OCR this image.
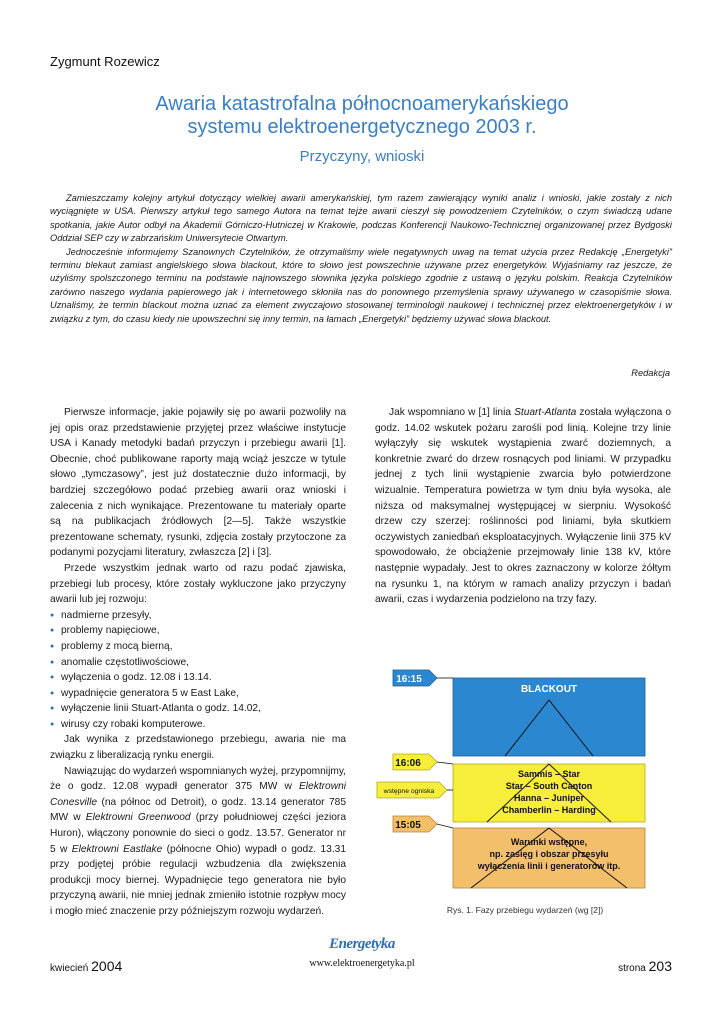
Zygmunt Rozewicz
Awaria katastrofalna północnoamerykańskiego
systemu elektroenergetycznego 2003 r.
Przyczyny, wnioski

Zamieszczamy kolejny artykuł dotyczący wielkiej awarii amerykańskiej, tym razem zawierający wyniki analiz i wnioski, jakie zostały z nich wyciągnięte w USA. Pierwszy artykuł tego samego Autora na temat tejże awarii cieszył się powodzeniem Czytelników, o czym świadczą udane spotkania, jakie Autor odbył na Akademii Górniczo-Hutniczej w Krakowie, podczas Konferencji Naukowo-Technicznej organizowanej przez Bydgoski Oddział SEP czy w zabrzańskim Uniwersytecie Otwartym.

Jednocześnie informujemy Szanownych Czytelników, że otrzymaliśmy wiele negatywnych uwag na temat użycia przez Redakcję „Energetyki” terminu blekaut zamiast angielskiego słowa blackout, które to słowo jest powszechnie używane przez energetyków. Wyjaśniamy raz jeszcze, że użyliśmy spolszczonego terminu na podstawie najnowszego słownika języka polskiego zgodnie z ustawą o języku polskim. Reakcja Czytelników zarówno naszego wydania papierowego jak i internetowego skłoniła nas do ponownego przemyślenia sprawy używanego w czasopiśmie słowa. Uznaliśmy, że termin blackout można uznać za element zwyczajowo stosowanej terminologii naukowej i technicznej przez elektroenergetyków i w związku z tym, do czasu kiedy nie upowszechni się inny termin, na łamach „Energetyki” będziemy używać słowa blackout.

Redakcja

Pierwsze informacje, jakie pojawiły się po awarii pozwoliły na jej opis oraz przedstawienie przyjętej przez właściwe instytucje USA i Kanady metodyki badań przyczyn i przebiegu awarii [1]. Obecnie, choć publikowane raporty mają wciąż jeszcze w tytule słowo „tymczasowy”, jest już dostatecznie dużo informacji, by bardziej szczegółowo podać przebieg awarii oraz wnioski i zalecenia z nich wynikające. Prezentowane tu materiały oparte są na publikacjach źródłowych [2—5]. Także wszystkie prezentowane schematy, rysunki, zdjęcia zostały przytoczone za podanymi pozycjami literatury, zwłaszcza [2] i [3].

Przede wszystkim jednak warto od razu podać zjawiska, przebiegi lub procesy, które zostały wykluczone jako przyczyny awarii lub jej rozwoju:

● nadmierne przesyły,
● problemy napięciowe,
● problemy z mocą bierną,
● anomalie częstotliwościowe,
● wyłączenia o godz. 12.08 i 13.14.
● wypadnięcie generatora 5 w East Lake,
● wyłączenie linii Stuart-Atlanta o godz. 14.02,
● wirusy czy robaki komputerowe.

Jak wynika z przedstawionego przebiegu, awaria nie ma związku z liberalizacją rynku energii.

Nawiązując do wydarzeń wspomnianych wyżej, przypomnijmy, że o godz. 12.08 wypadł generator 375 MW w Elektrowni Conesville (na północ od Detroit), o godz. 13.14 generator 785 MW w Elektrowni Greenwood (przy południowej części jeziora Huron), włączony ponownie do sieci o godz. 13.57. Generator nr 5 w Elektrowni Eastlake (północne Ohio) wypadł o godz. 13.31 przy podjętej próbie regulacji wzbudzenia dla zwiększenia produkcji mocy biernej. Wypadnięcie tego generatora nie było przyczyną awarii, nie mniej jednak zmieniło istotnie rozpływ mocy i mogło mieć znaczenie przy późniejszym rozwoju wydarzeń.

Jak wspomniano w [1] linia Stuart-Atlanta została wyłączona o godz. 14.02 wskutek pożaru zarośli pod linią. Kolejne trzy linie wyłączyły się wskutek wystąpienia zwarć doziemnych, a konkretnie zwarć do drzew rosnących pod liniami. W przypadku jednej z tych linii wystąpienie zwarcia było potwierdzone wizualnie. Temperatura powietrza w tym dniu była wysoka, ale niższa od maksymalnej występującej w sierpniu. Wysokość drzew czy szerzej: roślinności pod liniami, była skutkiem oczywistych zaniedbań eksploatacyjnych. Wyłączenie linii 375 kV spowodowało, że obciążenie przejmowały linie 138 kV, które następnie wypadały. Jest to okres zaznaczony w kolorze żółtym na rysunku 1, na którym w ramach analizy przyczyn i badań awarii, czas i wydarzenia podzielono na trzy fazy.

BLACKOUT
Sammis – Star
Star – South Canton
Hanna – Juniper
Chamberlin – Harding
Warunki wstępne,
np. zasięg i obszar przesyłu
wyłączenia linii i generatorów itp.
16:15
16:06
wstępne ogniska
15:05
Rys. 1. Fazy przebiegu wydarzeń (wg [2])
kwiecień 2004
Energetyka
www.elektroenergetyka.pl	strona 203
